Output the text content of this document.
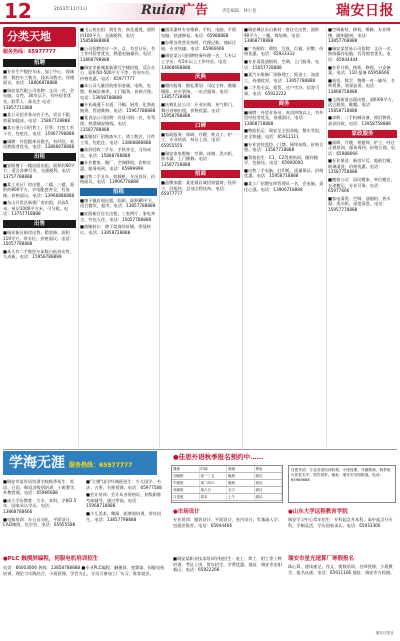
12	2011年11月1日	Ruian
广告	责任编辑：林小星	瑞安日报
分类天地
服务热线：65977777
招聘
■专业生产数控车床、加工中心，现诚聘：数控车工数名、技术员数名，待遇面议。电话：18806878888
■瑞安某汽配公司招聘：文员一名，会电脑，女性，30岁以下，有经验者优先。联系人：陈先生 电话：13857711888
■某公司招业务员若干名，男女不限，底薪加提成。电话：15867728888
■某五金公司招普工、仓管、打包工若干名，包吃住。电话：15967798888
■诚聘：外贸跟单员数名，有经验，英语熟练者优先。电话：13868878888
出租
■安阳塘下一楼店面出租，面积约60平方，适合各种行业，交通便利。电话：13757788888
■某工业区厂房出租，二楼、三楼，面积约800平方，水电配套齐全，有货梯，价格面议。电话：13968888888
■东山开发区新建厂房出租，层高5米，单层1000平方米，可分租。电话：13757718888
出售
■瑞祥新区新房出售，精装修，面积110平方，带车位，价格面议。电话：15057788888
■本人有二手数控车床数台低价出售，九成新。电话：15958788888
■飞云苑出租：商住房，南北通透，面积约100平方，交通便利。电话：15858888888
■公司招聘会计一名，女，有会计证，有工作经验者优先，熟悉电脑操作。电话：13868798888
■瑞安市新城某新建写字楼招租，适合办公，面积50-500平方不等，有停车位，价格优惠。电话：65977777
■本公司大量回收废旧金属、电线、电缆、机械设备等，上门服务，价格合理。电话：13958788888
■专业疏通下水道、马桶、厨房，化粪池抽粪，管道维修。电话：15967788888
■某食品公司招聘：送货司机一名，有驾照，熟悉瑞安路线。电话：13587788888
■某服装厂招熟练车工、烫工数名，计件工资，包吃住。电话：13868888888
■高价回收二手车，手续齐全，当场成交。电话：15888788888
■专业搬家、搬厂、空调移机，价格实惠，服务周到。电话：65999999
■出售二手叉车、装载机，车况良好，价格面议。电话：13906778888
招租
■塘下镇店面出租，临街，面积80平方，适合餐饮、超市。电话：13857788888
■安阳新区住宅出租，三室两厅，家电齐全，拎包入住。电话：15057788888
■商铺转让：塘下某商场旺铺，带货转让。电话：13958728888
■通讯器材专业维修，手机、电脑、平板电脑，快速修复。电话：65988888
■办理各类营业执照、代理记账、商标注册，专业快捷。电话：65966666
■瑞安某公司招聘财务经理一名，大专以上学历，有5年以上工作经验。电话：13868668888
庆典
■婚庆服务：婚礼策划、司仪主持、摄像摄影、花车装饰，一站式服务。电话：13857738888
■庆典礼仪公司：开业庆典、充气拱门、舞台音响出租，价格优惠。电话：15958788888
口碑
■家政服务：保姆、月嫂、钟点工、护工，专业培训，持证上岗。电话：65955555
■瑞安家电维修：空调、冰箱、洗衣机、热水器，上门维修。电话：13587728888
招商
■品牌加盟：某连锁店诚招加盟商，投资小，回报快，总部全程扶持。电话：65977777
■瑞安城区东山新村一套住宅出售，面积90平方，三楼，简装修。电话：13868778888
■广告制作：喷绘、写真、灯箱、招牌，价格优惠。电话：65933333
■专业清洗油烟机、空调，上门服务。电话：15057728888
■某汽车维修厂招修理工、钣金工、油漆工，待遇优厚。电话：13957788888
■二手房买卖、租赁、过户代办，信誉可靠。电话：65922222
商务
■诚聘：外贸业务员，英语四级以上，有外贸经验者优先，待遇面议。电话：13868718888
■物流托运：瑞安至全国各地，整车零担，安全快捷。电话：65911111
■专业安装监控、门禁、网络布线，价格合理。电话：13587718888
■驾校招生：C1、C2驾照培训，随到随学，包接送。电话：65900000
■出售二手电脑、打印机，质量保证，价格优惠。电话：15958718888
■某工厂招聘仓库管理员一名，会电脑，责任心强。电话：13906718888
■空调新装、移机、维修，专业师傅，随叫随到。电话：13857768888
■瑞安某贸易公司招聘：文员一名，熟练操作电脑，有驾照者优先。电话：65944444
■专业开锁、换锁、修锁，公安备案。电话：110 报备 65956666
■英语、数学、物理一对一辅导，名师授课，效果显著。电话：13868758888
■玉海街道店面出租，面积60平方，适合服装、鞋帽。电话：15858718888
■求购：二手机械设备、废旧物资，高价回收。电话：13958758888
家政服务
■保姆、月嫂、育婴师、护工，经过正规培训，服务周到，价格合理。电话：65988666
■专业保洁：新房开荒、地板打蜡、玻璃清洗，价格优惠。电话：13587758888
■搬家公司：居民搬家、单位搬迁、长途搬运，专业可靠。电话：65977666
■家电清洗：空调、油烟机、热水器、洗衣机，深度清洗。电话：15957778888
学海无涯 服务热线：65977777
●佳思外语秋季报名预约中……
■瑞安市某外语培训学校秋季招生：英语、日语、韩语各级别培训，小班教学，外教授课。电话：65966688
■成人学历教育：大专、本科，学制2.5年，国家承认学历。电话：13868788666
■电脑培训：办公自动化、平面设计、CAD制图，包学会。电话：65955588
■"立德"国学经典班招生：少儿国学、书法、古筝，名师授课。电话：65977588
■会计培训：会计从业资格证、初级职称考前辅导，通过率高。电话：15968718888
■少儿美术、舞蹈、跆拳道培训，常年招生。电话：13857798888
课程	时间	班级	费用
初级班	周一三五	晚班	面议
中级班	周二四六	晚班	面议
高级班	周六日	全天	面议
口语班	周末	上午	面议
佳思外语：专业英语培训机构，小班授课，外籍教师，秋季班火热报名中，预约试听。地址：瑞安市安阳街道。电话：65966688
●市场设计
专业培训：服装设计、平面设计、室内设计，零基础入学，包就业推荐。电话：65944466
●山东大学远程教育学院
瑞安学习中心常年招生：专科起点升本科、高中起点升专科，学制灵活，学历国家承认。电话：65933366
●PLC 触摸屏编程，伺服电机培训招生
电话：66003006 热线：13858788888 ■专业PLC编程、触摸屏、变频器、伺服电机培训，理论与实践结合，小班授课，学会为止。学员可参加工厂实习，推荐就业。
■瑞安某职业技术培训学校招生：电工、焊工、钳工等工种培训，考证上岗，常年招生，学费优惠。地址：瑞安市安阳新区。电话：65922266
瑞安市星光速算厂寒假报名
珠心算、速读速记、作文、奥数培训，名师授课，小班教学，报名从速。电话：65911166 地址：瑞安市万松路。
瑞安日报社
